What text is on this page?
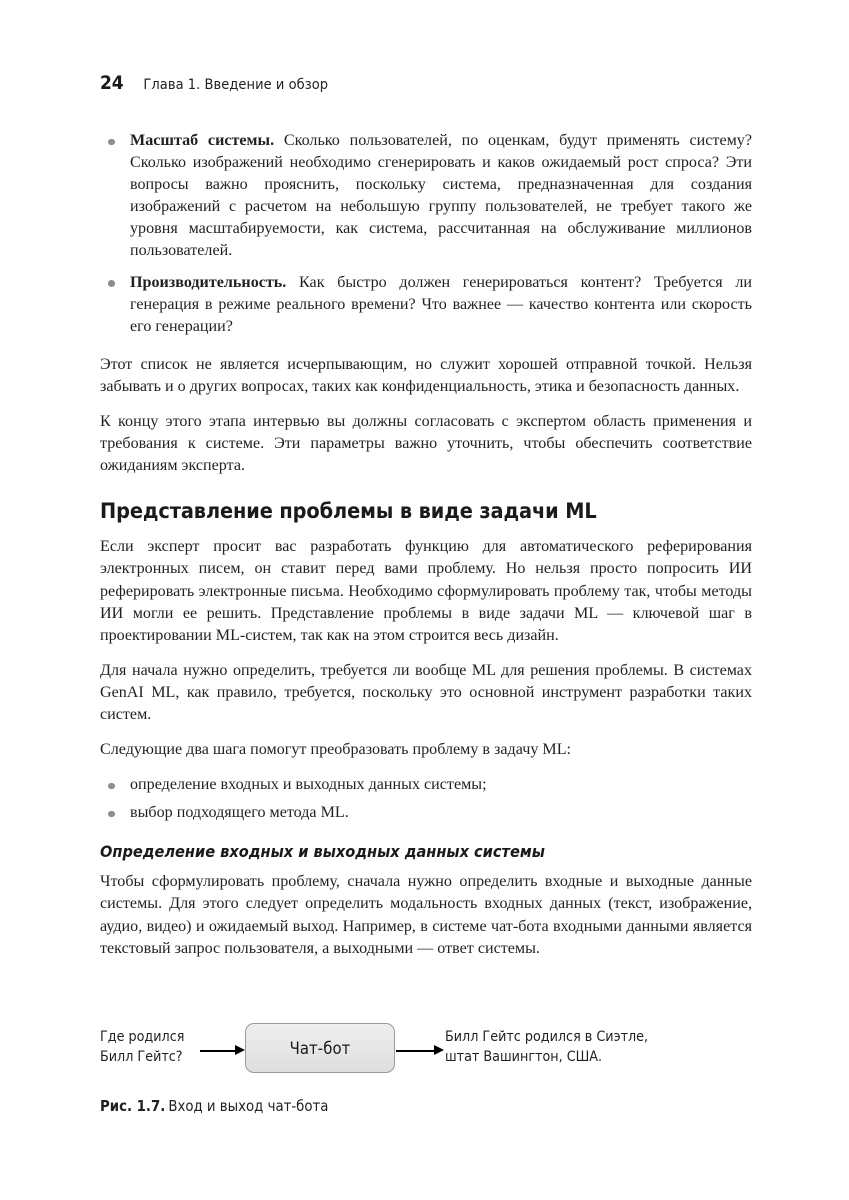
24 Глава 1. Введение и обзор
Масштаб системы. Сколько пользователей, по оценкам, будут применять систему? Сколько изображений необходимо сгенерировать и каков ожидаемый рост спроса? Эти вопросы важно прояснить, поскольку система, предназначенная для создания изображений с расчетом на небольшую группу пользователей, не требует такого же уровня масштабируемости, как система, рассчитанная на обслуживание миллионов пользователей.
Производительность. Как быстро должен генерироваться контент? Требуется ли генерация в режиме реального времени? Что важнее — качество контента или скорость его генерации?

Этот список не является исчерпывающим, но служит хорошей отправной точкой. Нельзя забывать и о других вопросах, таких как конфиденциальность, этика и безопасность данных.

К концу этого этапа интервью вы должны согласовать с экспертом область применения и требования к системе. Эти параметры важно уточнить, чтобы обеспечить соответствие ожиданиям эксперта.

Представление проблемы в виде задачи ML

Если эксперт просит вас разработать функцию для автоматического реферирования электронных писем, он ставит перед вами проблему. Но нельзя просто попросить ИИ реферировать электронные письма. Необходимо сформулировать проблему так, чтобы методы ИИ могли ее решить. Представление проблемы в виде задачи ML — ключевой шаг в проектировании ML-систем, так как на этом строится весь дизайн.

Для начала нужно определить, требуется ли вообще ML для решения проблемы. В системах GenAI ML, как правило, требуется, поскольку это основной инструмент разработки таких систем.

Следующие два шага помогут преобразовать проблему в задачу ML:

определение входных и выходных данных системы;
выбор подходящего метода ML.
Определение входных и выходных данных системы

Чтобы сформулировать проблему, сначала нужно определить входные и выходные данные системы. Для этого следует определить модальность входных данных (текст, изображение, аудио, видео) и ожидаемый выход. Например, в системе чат-бота входными данными является текстовый запрос пользователя, а выходными — ответ системы.

Где родился
Билл Гейтс?	Чат-бот
Билл Гейтс родился в Сиэтле,
штат Вашингтон, США.
Рис. 1.7. Вход и выход чат-бота
